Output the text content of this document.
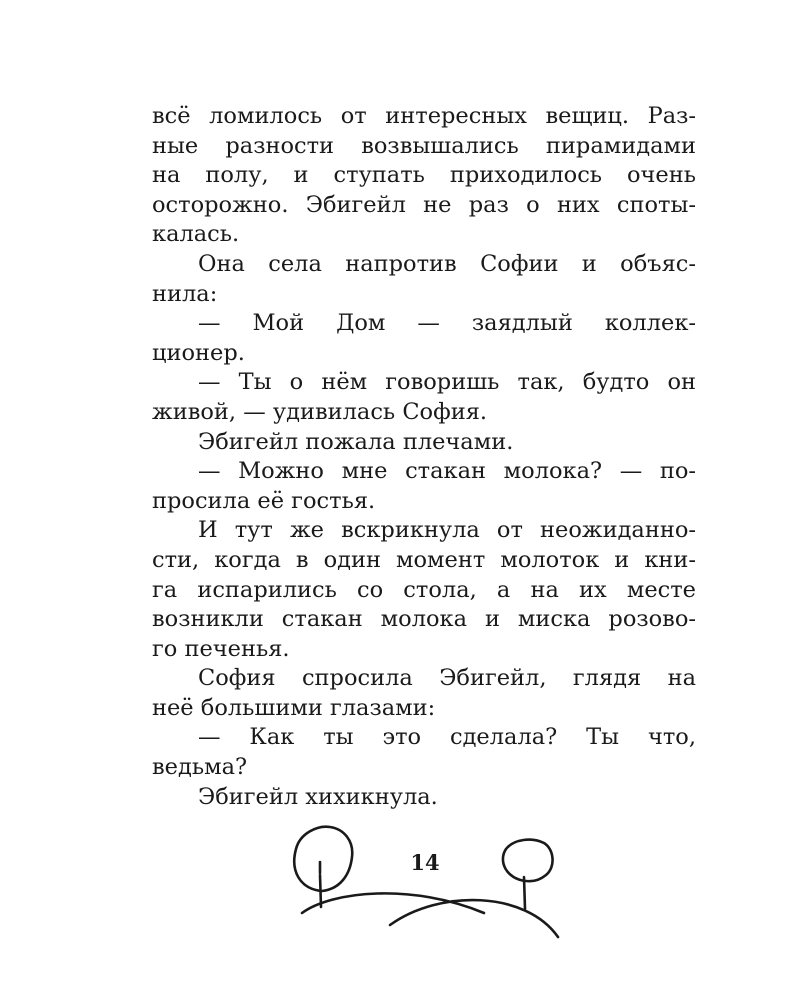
всё ломилось от интересных вещиц. Раз-
ные разности возвышались пирамидами
на полу, и ступать приходилось очень
осторожно. Эбигейл не раз о них споты-
калась.
Она села напротив Софии и объяс-
нила:
— Мой Дом — заядлый коллек-
ционер.
— Ты о нём говоришь так, будто он
живой, — удивилась София.
Эбигейл пожала плечами.
— Можно мне стакан молока? — по-
просила её гостья.
И тут же вскрикнула от неожиданно-
сти, когда в один момент молоток и кни-
га испарились со стола, а на их месте
возникли стакан молока и миска розово-
го печенья.
София спросила Эбигейл, глядя на
неё большими глазами:
— Как ты это сделала? Ты что,
ведьма?
Эбигейл хихикнула.
14
